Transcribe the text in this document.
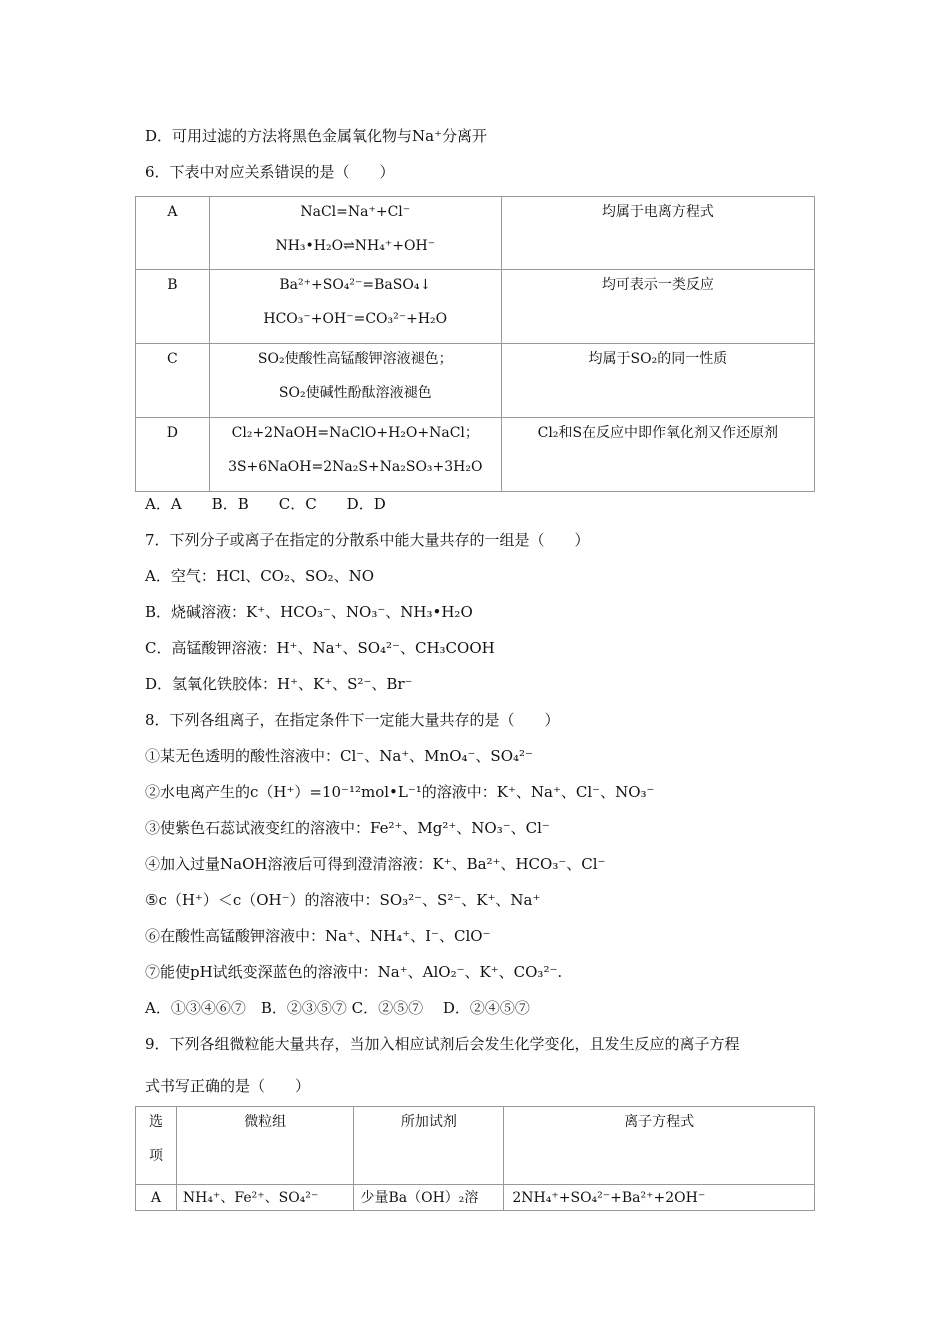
D．可用过滤的方法将黑色金属氧化物与Na⁺分离开
6．下表中对应关系错误的是（　　）
A	NaCl=Na⁺+Cl⁻
NH₃•H₂O⇌NH₄⁺+OH⁻	均属于电离方程式

B	Ba²⁺+SO₄²⁻=BaSO₄↓
HCO₃⁻+OH⁻=CO₃²⁻+H₂O	均可表示一类反应

C	SO₂使酸性高锰酸钾溶液褪色；
SO₂使碱性酚酞溶液褪色	均属于SO₂的同一性质

D	Cl₂+2NaOH=NaClO+H₂O+NaCl；
3S+6NaOH=2Na₂S+Na₂SO₃+3H₂O	Cl₂和S在反应中即作氧化剂又作还原剂
A．A　　B．B　　C．C　　D．D
7．下列分子或离子在指定的分散系中能大量共存的一组是（　　）
A．空气：HCl、CO₂、SO₂、NO
B．烧碱溶液：K⁺、HCO₃⁻、NO₃⁻、NH₃•H₂O
C．高锰酸钾溶液：H⁺、Na⁺、SO₄²⁻、CH₃COOH
D．氢氧化铁胶体：H⁺、K⁺、S²⁻、Br⁻
8．下列各组离子，在指定条件下一定能大量共存的是（　　）
①某无色透明的酸性溶液中：Cl⁻、Na⁺、MnO₄⁻、SO₄²⁻
②水电离产生的c（H⁺）=10⁻¹²mol•L⁻¹的溶液中：K⁺、Na⁺、Cl⁻、NO₃⁻
③使紫色石蕊试液变红的溶液中：Fe²⁺、Mg²⁺、NO₃⁻、Cl⁻
④加入过量NaOH溶液后可得到澄清溶液：K⁺、Ba²⁺、HCO₃⁻、Cl⁻
⑤c（H⁺）＜c（OH⁻）的溶液中：SO₃²⁻、S²⁻、K⁺、Na⁺
⑥在酸性高锰酸钾溶液中：Na⁺、NH₄⁺、I⁻、ClO⁻
⑦能使pH试纸变深蓝色的溶液中：Na⁺、AlO₂⁻、K⁺、CO₃²⁻.
A．①③④⑥⑦　B．②③⑤⑦ C．②⑤⑦　 D．②④⑤⑦
9．下列各组微粒能大量共存，当加入相应试剂后会发生化学变化，且发生反应的离子方程
式书写正确的是（　　）
选
项	微粒组	所加试剂	离子方程式

A	NH₄⁺、Fe²⁺、SO₄²⁻	少量Ba（OH）₂溶	2NH₄⁺+SO₄²⁻+Ba²⁺+2OH⁻
